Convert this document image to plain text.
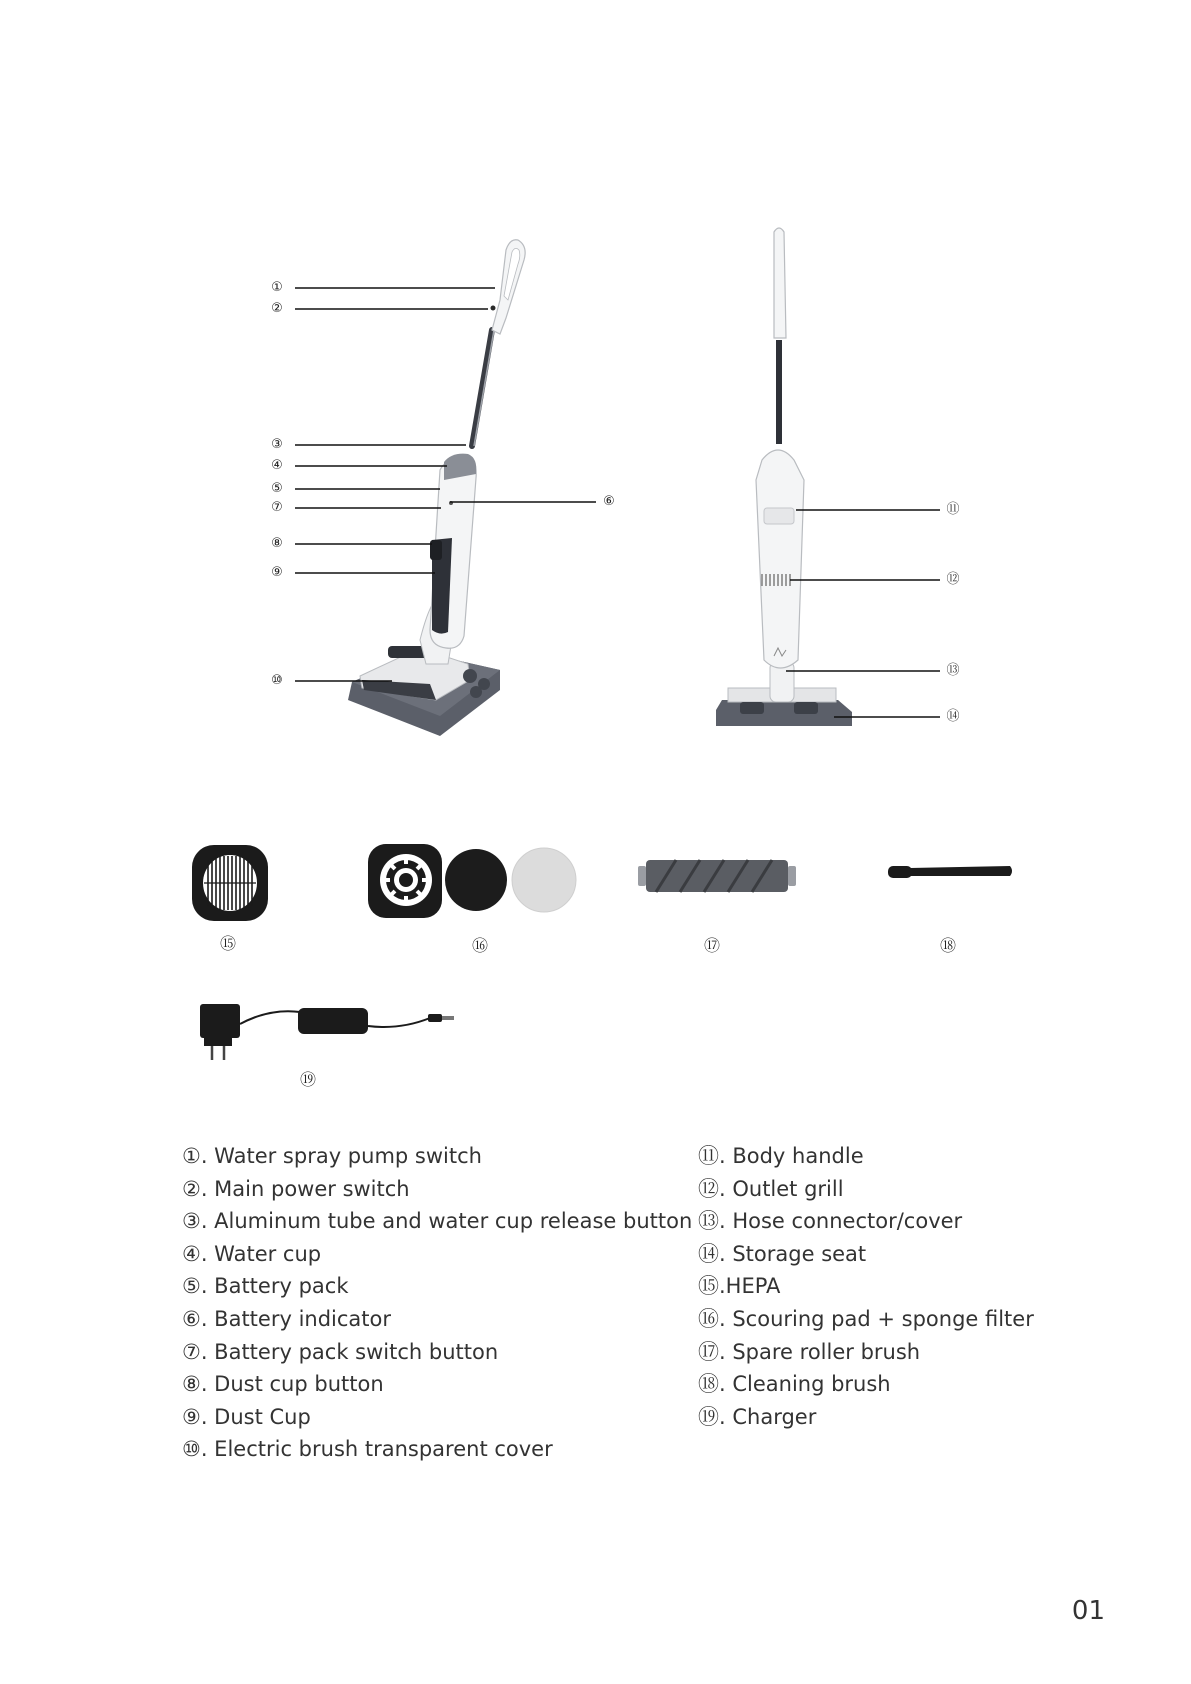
①
②
③
④
⑤
⑦
⑧
⑨
⑩
⑥
⑪
⑫
⑬
⑭
⑮	⑯	⑰	⑱
⑲
①. Water spray pump switch
②. Main power switch
③. Aluminum tube and water cup release button
④. Water cup
⑤. Battery pack
⑥. Battery indicator
⑦. Battery pack switch button
⑧. Dust cup button
⑨. Dust Cup
⑩. Electric brush transparent cover
⑪. Body handle
⑫. Outlet grill
⑬. Hose connector/cover
⑭. Storage seat
⑮.HEPA
⑯. Scouring pad + sponge filter
⑰. Spare roller brush
⑱. Cleaning brush
⑲. Charger
01
